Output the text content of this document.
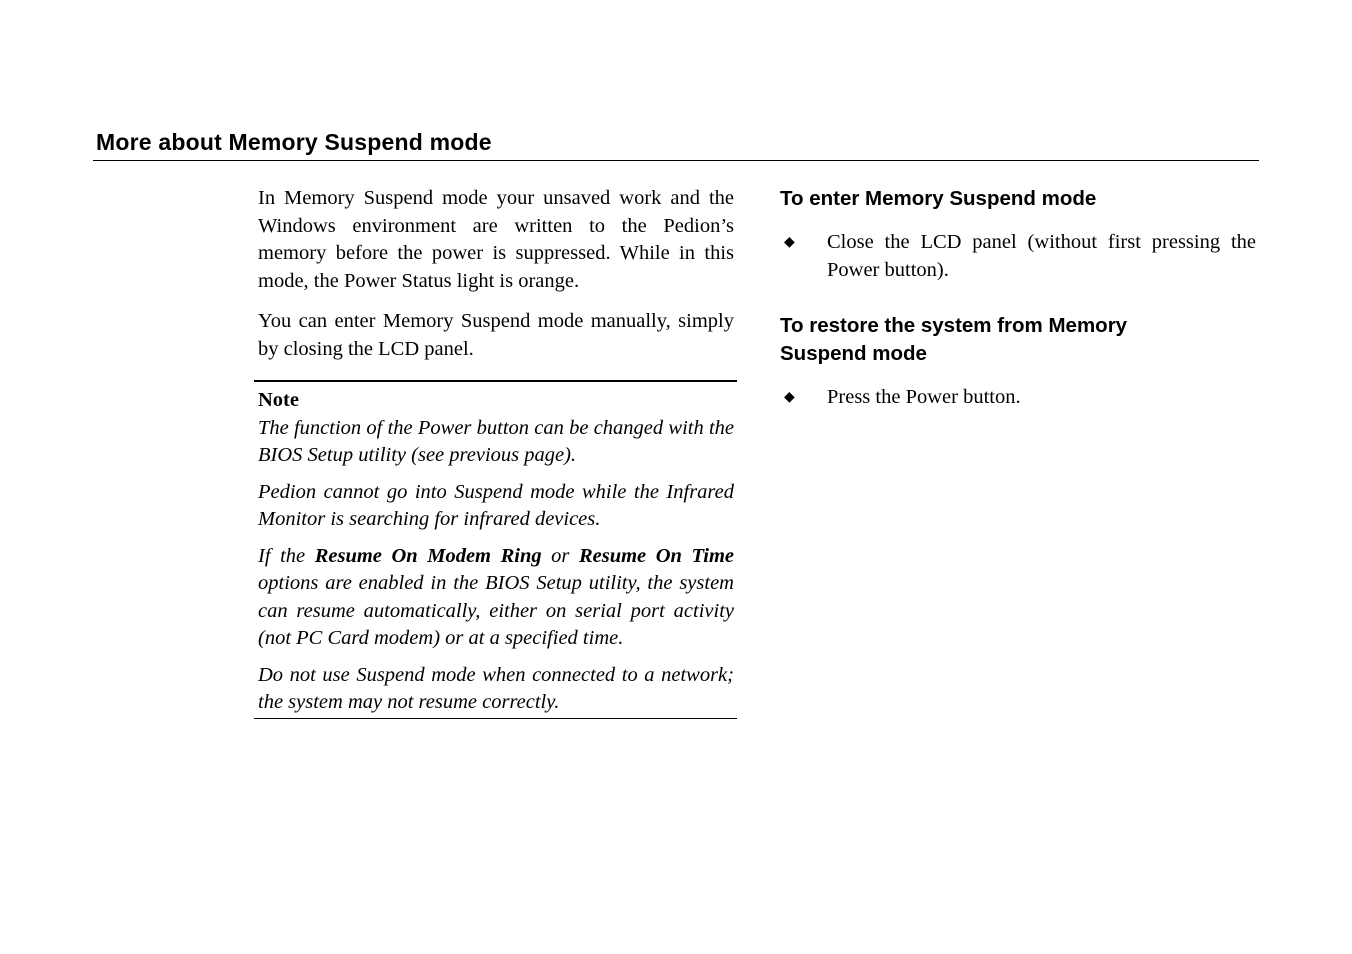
More about Memory Suspend mode

In Memory Suspend mode your unsaved work and the Windows environment are written to the Pedion’s memory before the power is suppressed. While in this mode, the Power Status light is orange.

You can enter Memory Suspend mode manually, simply by closing the LCD panel.

Note

The function of the Power button can be changed with the BIOS Setup utility (see previous page).

Pedion cannot go into Suspend mode while the Infrared Monitor is searching for infrared devices.

If the Resume On Modem Ring or Resume On Time options are enabled in the BIOS Setup utility, the system can resume automatically, either on serial port activity (not PC Card modem) or at a specified time.

Do not use Suspend mode when connected to a network; the system may not resume correctly.

To enter Memory Suspend mode
◆	Close the LCD panel (without first pressing the Power button).
To restore the system from Memory
Suspend mode
◆	Press the Power button.
